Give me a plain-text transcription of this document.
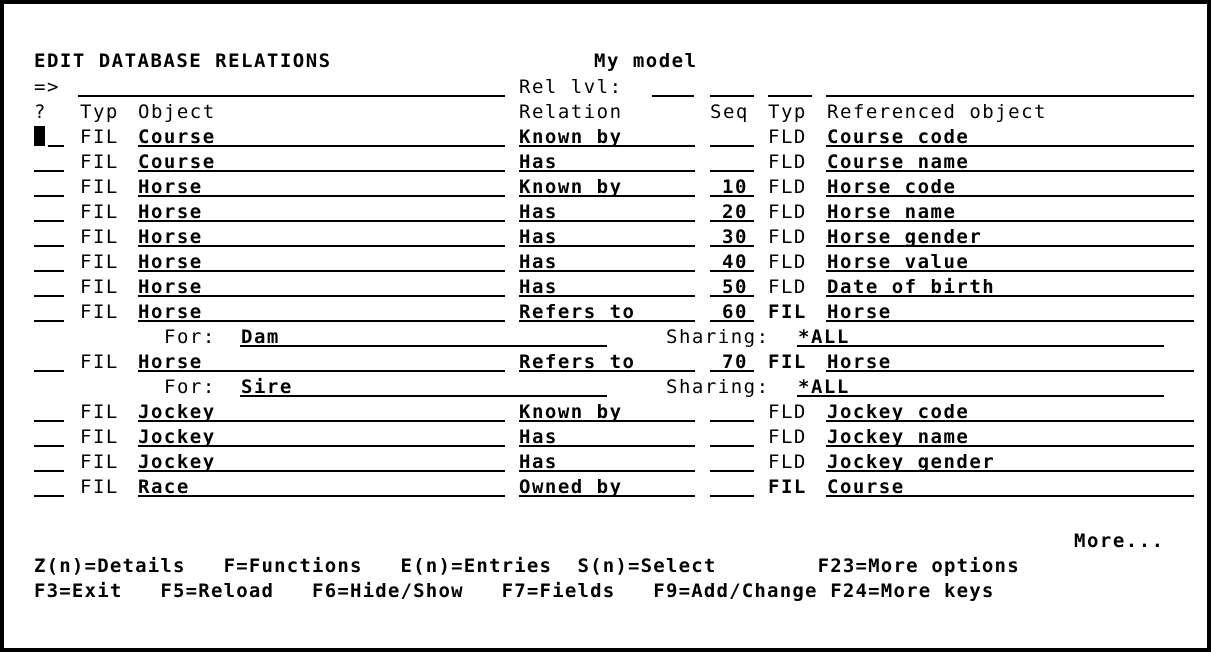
EDIT DATABASE RELATIONS	My model
=>	Rel lvl:
? Typ Object	Relation	Seq Typ Referenced object
FIL Course	Known by	FLD Course code
FIL Course	Has	FLD Course name
FIL Horse	Known by	10 FLD Horse code
FIL Horse	Has	20 FLD Horse name
FIL Horse	Has	30 FLD Horse gender
FIL Horse	Has	40 FLD Horse value
FIL Horse	Has	50 FLD Date of birth
FIL Horse	Refers to	60 FIL Horse
For: Dam	Sharing: *ALL
FIL Horse	Refers to	70 FIL Horse
For: Sire	Sharing: *ALL
FIL Jockey	Known by	FLD Jockey code
FIL Jockey	Has	FLD Jockey name
FIL Jockey	Has	FLD Jockey gender
FIL Race	Owned by	FIL Course
More...
Z(n)=Details   F=Functions   E(n)=Entries  S(n)=Select        F23=More options
F3=Exit   F5=Reload   F6=Hide/Show   F7=Fields   F9=Add/Change F24=More keys
